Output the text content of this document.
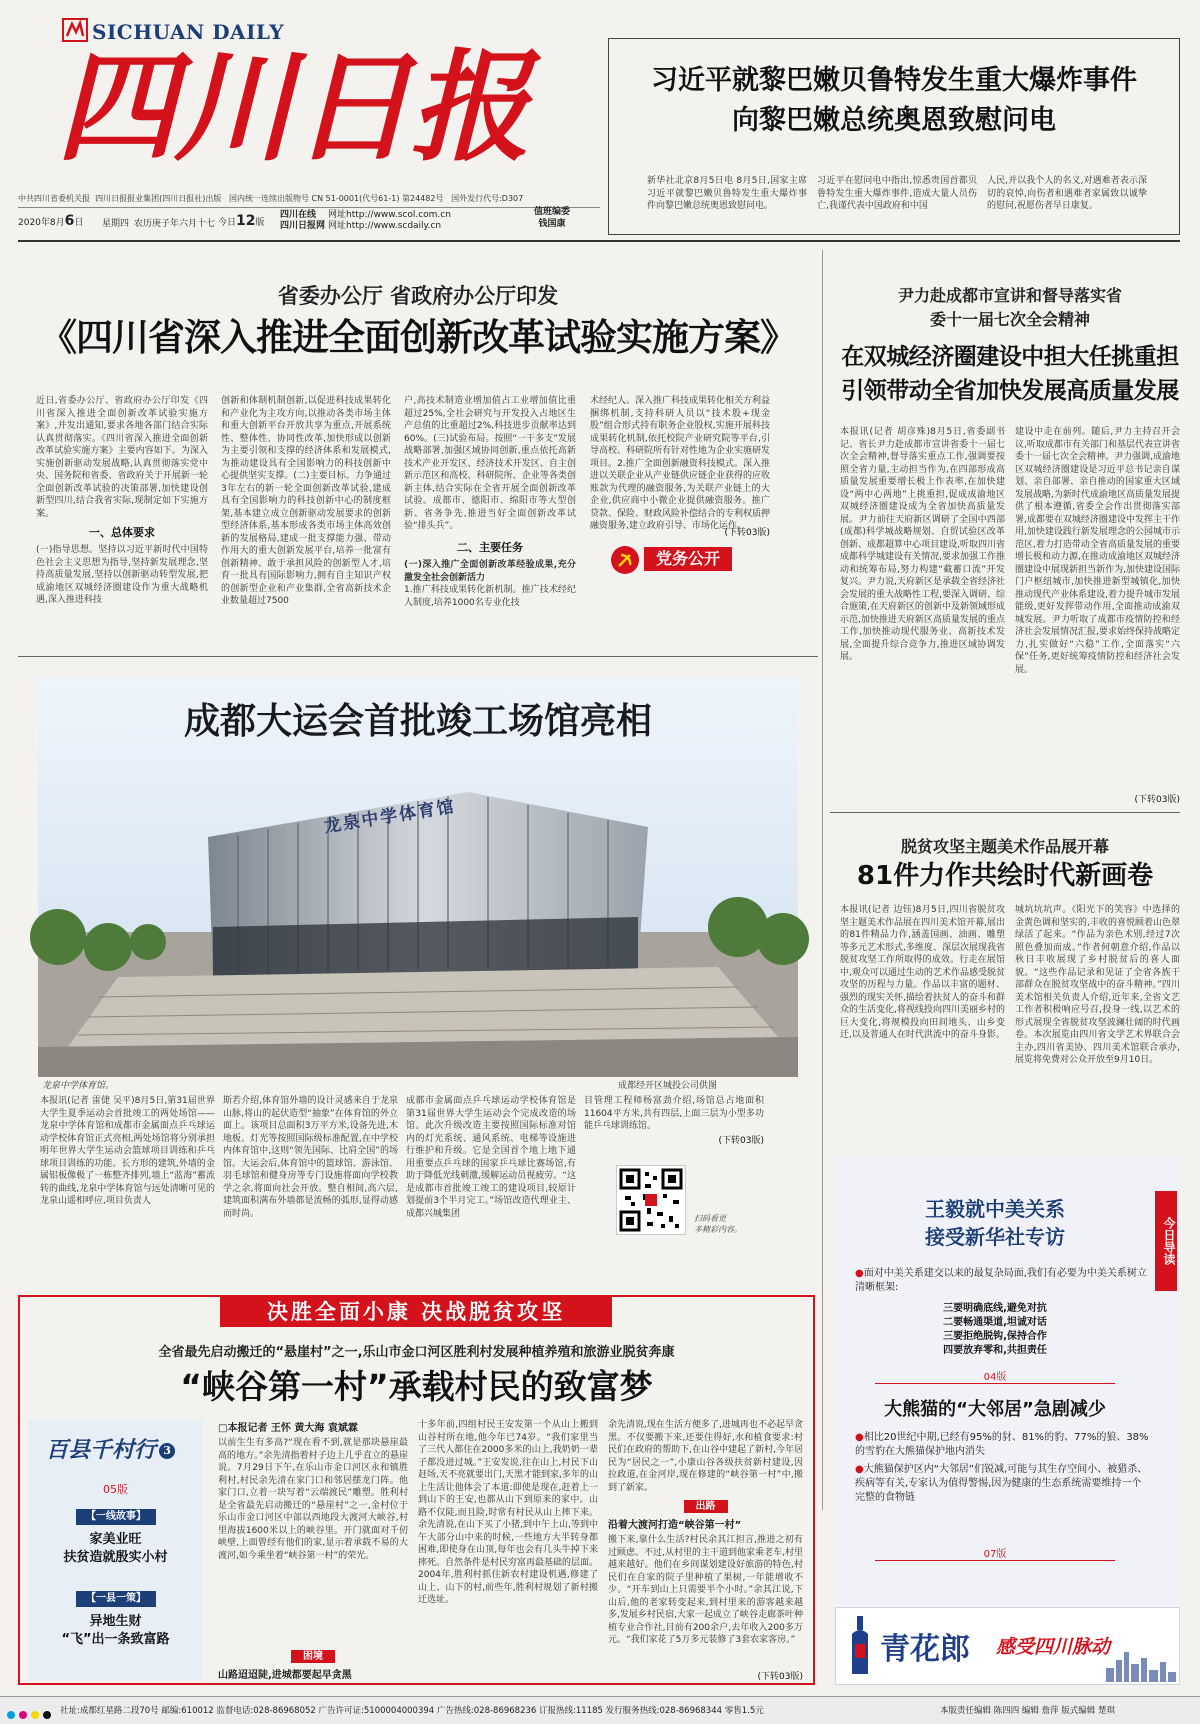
SICHUAN DAILY
四川日报
中共四川省委机关报 四川日报报业集团(四川日报社)出版 国内统一连续出版物号 CN 51-0001(代号61-1) 第24482号 国外发行代号:D307
2020年8月6日 星期四 农历庚子年六月十七 今日12版
四川在线
四川日报网
网址http://www.scol.com.cn
网址http://www.scdaily.cn
值班编委
钱国康
习近平就黎巴嫩贝鲁特发生重大爆炸事件
向黎巴嫩总统奥恩致慰问电
新华社北京8月5日电 8月5日,国家主席习近平就黎巴嫩贝鲁特发生重大爆炸事件向黎巴嫩总统奥恩致慰问电。
习近平在慰问电中指出,惊悉贵国首都贝鲁特发生重大爆炸事件,造成大量人员伤亡,我谨代表中国政府和中国
人民,并以我个人的名义,对遇难者表示深切的哀悼,向伤者和遇难者家属致以诚挚的慰问,祝愿伤者早日康复。
省委办公厅 省政府办公厅印发
《四川省深入推进全面创新改革试验实施方案》
近日,省委办公厅、省政府办公厅印发《四川省深入推进全面创新改革试验实施方案》,并发出通知,要求各地各部门结合实际认真贯彻落实。《四川省深入推进全面创新改革试验实施方案》主要内容如下。为深入实施创新驱动发展战略,认真贯彻落实党中央、国务院和省委、省政府关于开展新一轮全面创新改革试验的决策部署,加快建设创新型四川,结合我省实际,现制定如下实施方案。
一、总体要求
(一)指导思想。坚持以习近平新时代中国特色社会主义思想为指导,坚持新发展理念,坚持高质量发展,坚持以创新驱动转型发展,把成渝地区双城经济圈建设作为重大战略机遇,深入推进科技
创新和体制机制创新,以促进科技成果转化和产业化为主攻方向,以推动各类市场主体和重大创新平台开放共享为重点,开展系统性、整体性、协同性改革,加快形成以创新为主要引领和支撑的经济体系和发展模式,为推动建设具有全国影响力的科技创新中心提供坚实支撑。(二)主要目标。力争通过3年左右的新一轮全面创新改革试验,建成具有全国影响力的科技创新中心的制度框架,基本建立成立创新驱动发展要求的创新型经济体系,基本形成各类市场主体高效创新的发展格局,建成一批支撑能力强、带动作用大的重大创新发展平台,培养一批富有创新精神、敢于承担风险的创新型人才,培育一批具有国际影响力,拥有自主知识产权的创新型企业和产业集群,全省高新技术企业数量超过7500
户,高技术制造业增加值占工业增加值比重超过25%,全社会研究与开发投入占地区生产总值的比重超过2%,科技进步贡献率达到60%。(三)试验布局。按照“一干多支”发展战略部署,加强区域协同创新,重点依托高新技术产业开发区、经济技术开发区、自主创新示范区和高校、科研院所、企业等各类创新主体,结合实际在全省开展全面创新改革试验。成都市、德阳市、绵阳市等大型创新、省务争先,推进当好全面创新改革试验“排头兵”。
二、主要任务
(一)深入推广全面创新改革经验成果,充分激发全社会创新活力
1.推广科技成果转化新机制。推广技术经纪人制度,培养1000名专业化技
术经纪人。深入推广科技成果转化相关方利益捆绑机制,支持科研人员以“技术股+现金股”组合形式持有职务企业股权,实施开展科技成果转化机制,依托校院产业研究院等平台,引导高校、科研院所有针对性地为企业实施研发项目。2.推广全面创新融资科技模式。深入推进以关联企业从产业链供应链企业获得的应收账款为代理的融资服务,为关联产业链上的大企业,供应商中小微企业提供融资服务。推广贷款、保险、财政风险补偿结合的专利权质押融资服务,建立政府引导、市场化运作。
(下转03版)
党务公开
尹力赴成都市宣讲和督导落实省
委十一届七次全会精神
在双城经济圈建设中担大任挑重担
引领带动全省加快发展高质量发展
本报讯(记者 胡彦殊)8月5日,省委副书记、省长尹力赴成都市宣讲省委十一届七次全会精神,督导落实重点工作,强调要按照全省力量,主动担当作为,在四部形成高质量发展重要增长极上作表率,在加快建设“两中心两地”上挑重担,促成成渝地区双城经济圈建设成为全省加快高质量发展。尹力前往天府新区调研了全国中西部(成都)科学城战略规划、自贸试验区改革创新、成都超算中心项目建设,听取四川省成都科学城建设有关情况,要求加强工作推动和统筹布局,努力构建“截蓄口流”开发复兴。尹力说,天府新区是承载全省经济社会发展的重大战略性工程,要深入调研、综合施策,在天府新区的创新中及新领域形成示范,加快推进天府新区高质量发展的重点工作,加快推动现代服务业、高新技术发展,全面提升综合竞争力,推进区域协调发展。
建设中走在前列。随后,尹力主持召开会议,听取成都市有关部门和基层代表宣讲省委十一届七次全会精神。尹力强调,成渝地区双城经济圈建设是习近平总书记亲自谋划、亲自部署、亲自推动的国家重大区域发展战略,为新时代成渝地区高质量发展提供了根本遵循,省委全会作出贯彻落实部署,成都要在双城经济圈建设中发挥主干作用,加快建设践行新发展理念的公园城市示范区,着力打造带动全省高质量发展的重要增长极和动力源,在推动成渝地区双城经济圈建设中展现新担当新作为,加快建设国际门户枢纽城市,加快推进新型城镇化,加快推动现代产业体系建设,着力提升城市发展能级,更好发挥带动作用,全面推动成渝双城发展。尹力听取了成都市疫情防控和经济社会发展情况汇报,要求始终保持战略定力,扎实做好“六稳”工作,全面落实“六保”任务,更好统筹疫情防控和经济社会发展。
(下转03版)
龙泉中学体育馆
成都大运会首批竣工场馆亮相
龙泉中学体育馆。	成都经开区城投公司供图
本报讯(记者 雷倢 吴平)8月5日,第31届世界大学生夏季运动会首批竣工的两处场馆——龙泉中学体育馆和成都市金属面点乒乓球运动学校体育馆正式亮相,两处场馆将分别承担明年世界大学生运动会篮球项目训练和乒乓球项目训练的功能。长方形的建筑,外墙的金属铝板像极了一栋整齐排列,墙上“蓝海”蓄流转的曲线,龙泉中学体育馆与远处清晰可见的龙泉山遥相呼应,项目负责人
斯若介绍,体育馆外墙的设计灵感来自于龙泉山脉,将山的起伏造型“抽象”在体育馆的外立面上。该项目总面积3万平方米,设备先进,木地板、灯光等按照国际级标准配置,在中学校内体育馆中,这则“领先国际、比肩全国”的场馆。大运会后,体育馆中的篮球馆、游泳馆、羽毛球馆和健身房等专门设施将面向学校教学之余,将面向社会开放。整自相间,高六层,建筑面积满布外墙都是流畅的弧形,显得动感而时尚。
成都市金属面点乒乓球运动学校体育馆是第31届世界大学生运动会个完成改造的场馆。此次升级改造主要按照国际标准对馆内的灯光系统、通风系统、电梯等设施进行维护和升级。它是全国首个地上地下通用重要点乒乓球的国家乒乓球比赛场馆,有助于降低光线刺激,缓解运动员视疲劳。“这是成都市首批竣工竣工的建设项目,较原计划提前3个半月完工。”场馆改造代理业主、成都兴城集团
目管理工程师杨富劲介绍,场馆总占地面积11604平方米,共有四层,上面三层为小型多功能乒乓球训练馆。
(下转03版)
扫码看更
多精彩内容。
脱贫攻坚主题美术作品展开幕
81件力作共绘时代新画卷
本报讯(记者 边钰)8月5日,四川省脱贫攻坚主题美术作品展在四川美术馆开幕,展出的81件精品力作,涵盖国画、油画、雕塑等多元艺术形式,多维度、深层次展现我省脱贫攻坚工作所取得的成效。行走在展馆中,观众可以通过生动的艺术作品感受脱贫攻坚的历程与力量。作品以丰富的题材、强烈的现实关怀,描绘着扶贫人的奋斗和群众的生活变化,将视线投向四川美丽乡村的巨大变化,将规模投向田间地头、山乡变迁,以及普通人在时代洪流中的奋斗身影。
城坑坑坑声。《阳光下的笑容》中选择的金黄色调和坚实的,丰收的喜悦顾着山色翠绿活了起来。“作品为亲色术别,经过7次照色叠加而成。”作者何朝意介绍,作品以秋日丰收展现了乡村脱贫后的喜人面貌。“这些作品记录和见证了全省各族干部群众在脱贫攻坚战中的奋斗精神。”四川美术馆相关负责人介绍,近年来,全省文艺工作者积极响应号召,投身一线,以艺术的形式展现全省脱贫攻坚波澜壮阔的时代画卷。本次展览由四川省文学艺术界联合会主办,四川省美协、四川美术馆联合承办,展览将免费对公众开放至9月10日。
今日导读
王毅就中美关系
接受新华社专访
●面对中美关系建交以来的最复杂局面,我们有必要为中美关系树立清晰框架:
三要明确底线,避免对抗
二要畅通渠道,坦诚对话
三要拒绝脱钩,保持合作
四要放弃零和,共担责任
04版
大熊猫的“大邻居”急剧减少
●相比20世纪中期,已经有95%的豺、81%的豹、77%的狼、38%的雪豹在大熊猫保护地内消失
●大熊猫保护区内“大邻居”们锐减,可能与其生存空间小、被猎杀、疾病等有关,专家认为值得警惕,因为健康的生态系统需要维持一个完整的食物链
07版
青花郎 感受四川脉动
决胜全面小康 决战脱贫攻坚
全省最先启动搬迁的“悬崖村”之一,乐山市金口河区胜利村发展种植养殖和旅游业脱贫奔康
“峡谷第一村”承载村民的致富梦
百县千村行 3
05版
【一线故事】
家美业旺
扶贫造就殷实小村
【一县一策】
异地生财
“飞”出一条致富路
□本报记者 王怀 黄大海 袁斌霖
以前生生有多高?“现在看不到,就是那块悬崖最高的地方。”余先清指着村子边上几乎直立的悬崖说。7月29日下午,在乐山市金口河区永和镇胜利村,村民余先清在家门口和邻居摆龙门阵。他家门口,立着一块写着“云端渡民”雕塑。胜利村是全省最先启动搬迁的“悬崖村”之一,金村位于乐山市金口河区中部以西地段大渡河大峡谷,村里海拔1600米以上的峡谷里。开门就面对千仞峡壁,上面曾经有他们的家,显示着承载不易的大渡河,如今乘坐着“峡谷第一村”的荣光。
困境
山路迢迢陡,进城都要起早贪黑
十多年前,四组村民王安发第一个从山上搬到山谷村所在地,他今年已74岁。“我们家里当了三代人都住在2000多米的山上,我奶奶一辈子都没进过城。”王安发说,往在山上,村民下山赶场,天不亮就要出门,天黑才能到家,多年的山上生活让他体会了本道:即使是现在,赶着上一到山下的王安,也都从山下到原来的家中。山路不仅陡,而且险,时常有村民从山上摔下来。余先清说,在山下买了小猪,到中午上山,等到中午大部分山中来的时候,一些地方大半转身都困难,即使身在山顶,每年也会有几头牛掉下来摔死。自然条件是村民穷富再最基础的层面。2004年,胜利村抓住新农村建设机遇,修建了山上、山下的村,前些年,胜利村规划了新村搬迁选址。
余先清说,现在生活方便多了,进城再也不必起早贪黑。不仅要搬下来,还要住得好,水和植食要求:村民们在政府的帮助下,在山谷中建起了新村,今年居民为“居民之一”,小康山谷各级扶贫新村建设,因拉政道,在金河岸,现在修建的“峡谷第一村”中,搬到了新家。
出路
沿着大渡河打造“峡谷第一村”
搬下来,靠什么生活?村民余其江担言,推进之初有过顾虑。不过,从村里的主干道到他家乘老车,村里越来越好。他们在乡间谋划建设好旅游的特色,村民们在自家的院子里种植了果树,一年能增收不少。“开车到山上只需要半个小时。”余其江说,下山后,他的老家转变起来,到村里来的游客越来越多,发展乡村民宿,大家一起成立了峡谷走廊茶叶种植专业合作社,目前有200余户,去年收入200多万元。“我们家花了5万多元装修了3套农家客房。”
(下转03版)
社址:成都红星路二段70号 邮编:610012 监督电话:028-86968052 广告许可证:5100004000394 广告热线:028-86968236 订报热线:11185 发行服务热线:028-86968344 零售1.5元	本版责任编辑 陈四四 编辑 詹萍 版式编辑 楚琪
